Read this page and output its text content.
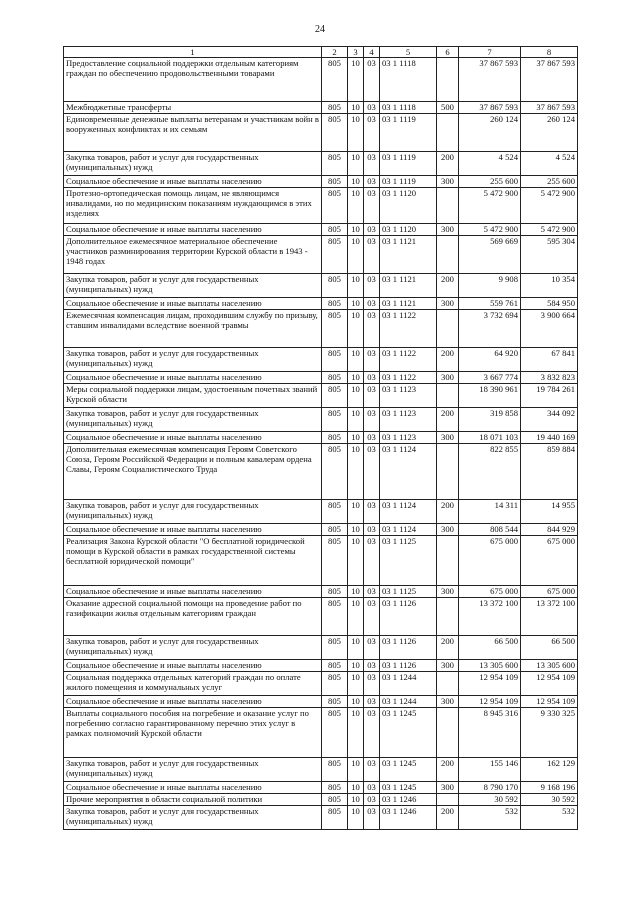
24
1	2	3	4	5	6	7	8
Предоставление социальной поддержки отдельным категориям граждан по обеспечению продовольственными товарами	805	10	03	03 1 1118		37 867 593	37 867 593
Межбюджетные трансферты	805	10	03	03 1 1118	500	37 867 593	37 867 593
Единовременные денежные выплаты ветеранам и участникам войн в вооруженных конфликтах и их семьям	805	10	03	03 1 1119		260 124	260 124
Закупка товаров, работ и услуг для государственных (муниципальных) нужд	805	10	03	03 1 1119	200	4 524	4 524
Социальное обеспечение и иные выплаты населению	805	10	03	03 1 1119	300	255 600	255 600
Протезно-ортопедическая помощь лицам, не являющимся инвалидами, но по медицинским показаниям нуждающимся в этих изделиях	805	10	03	03 1 1120		5 472 900	5 472 900
Социальное обеспечение и иные выплаты населению	805	10	03	03 1 1120	300	5 472 900	5 472 900
Дополнительное ежемесячное материальное обеспечение участников разминирования территории Курской области в 1943 - 1948 годах	805	10	03	03 1 1121		569 669	595 304
Закупка товаров, работ и услуг для государственных (муниципальных) нужд	805	10	03	03 1 1121	200	9 908	10 354
Социальное обеспечение и иные выплаты населению	805	10	03	03 1 1121	300	559 761	584 950
Ежемесячная компенсация лицам, проходившим службу по призыву, ставшим инвалидами вследствие военной травмы	805	10	03	03 1 1122		3 732 694	3 900 664
Закупка товаров, работ и услуг для государственных (муниципальных) нужд	805	10	03	03 1 1122	200	64 920	67 841
Социальное обеспечение и иные выплаты населению	805	10	03	03 1 1122	300	3 667 774	3 832 823
Меры социальной поддержки лицам, удостоенным почетных званий Курской области	805	10	03	03 1 1123		18 390 961	19 784 261
Закупка товаров, работ и услуг для государственных (муниципальных) нужд	805	10	03	03 1 1123	200	319 858	344 092
Социальное обеспечение и иные выплаты населению	805	10	03	03 1 1123	300	18 071 103	19 440 169
Дополнительная ежемесячная компенсация Героям Советского Союза, Героям Российской Федерации и полным кавалерам ордена Славы, Героям Социалистического Труда	805	10	03	03 1 1124		822 855	859 884
Закупка товаров, работ и услуг для государственных (муниципальных) нужд	805	10	03	03 1 1124	200	14 311	14 955
Социальное обеспечение и иные выплаты населению	805	10	03	03 1 1124	300	808 544	844 929
Реализация Закона Курской области "О бесплатной юридической помощи в Курской области в рамках государственной системы бесплатной юридической помощи"	805	10	03	03 1 1125		675 000	675 000
Социальное обеспечение и иные выплаты населению	805	10	03	03 1 1125	300	675 000	675 000
Оказание адресной социальной помощи на проведение работ по газификации жилья отдельным категориям граждан	805	10	03	03 1 1126		13 372 100	13 372 100
Закупка товаров, работ и услуг для государственных (муниципальных) нужд	805	10	03	03 1 1126	200	66 500	66 500
Социальное обеспечение и иные выплаты населению	805	10	03	03 1 1126	300	13 305 600	13 305 600
Социальная поддержка отдельных категорий граждан по оплате жилого помещения и коммунальных услуг	805	10	03	03 1 1244		12 954 109	12 954 109
Социальное обеспечение и иные выплаты населению	805	10	03	03 1 1244	300	12 954 109	12 954 109
Выплаты социального пособия на погребение и оказание услуг по погребению согласно гарантированному перечню этих услуг в рамках полномочий Курской области	805	10	03	03 1 1245		8 945 316	9 330 325
Закупка товаров, работ и услуг для государственных (муниципальных) нужд	805	10	03	03 1 1245	200	155 146	162 129
Социальное обеспечение и иные выплаты населению	805	10	03	03 1 1245	300	8 790 170	9 168 196
Прочие мероприятия в области социальной политики	805	10	03	03 1 1246		30 592	30 592
Закупка товаров, работ и услуг для государственных (муниципальных) нужд	805	10	03	03 1 1246	200	532	532
